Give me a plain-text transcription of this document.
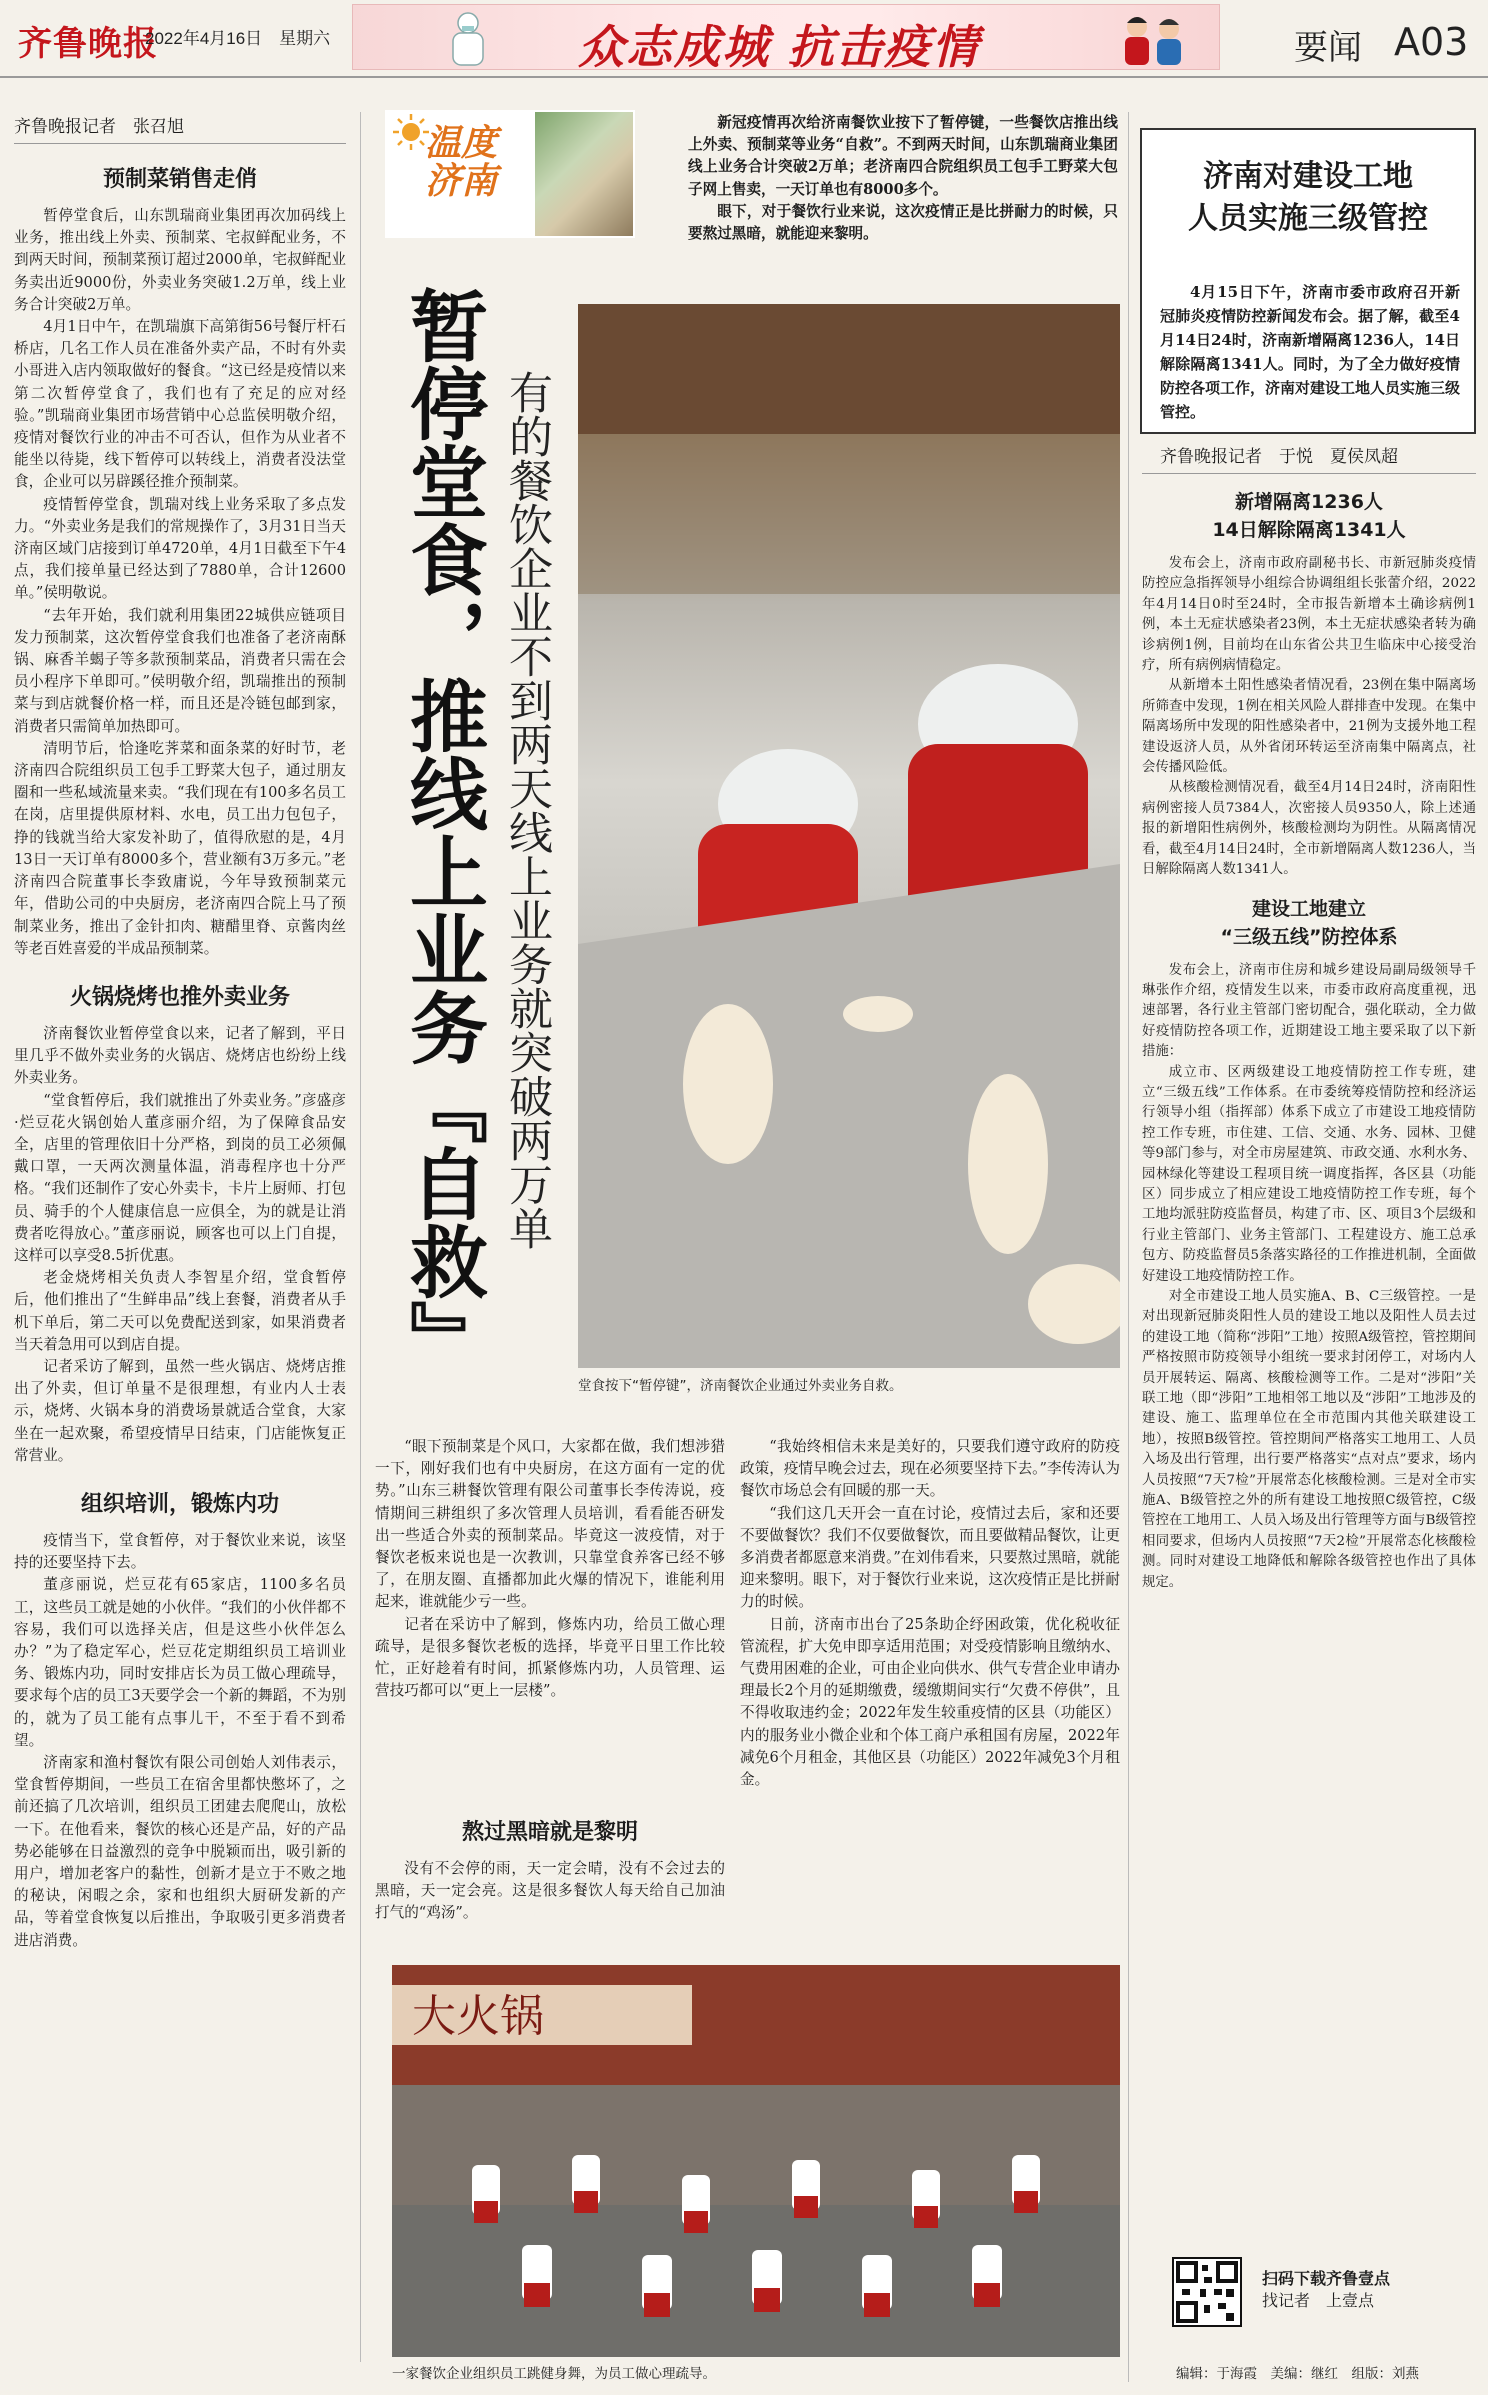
齐鲁晚报
2022年4月16日　星期六	众志成城 抗击疫情	要闻 A03
齐鲁晚报记者　张召旭
预制菜销售走俏

暂停堂食后，山东凯瑞商业集团再次加码线上业务，推出线上外卖、预制菜、宅叔鲜配业务，不到两天时间，预制菜预订超过2000单，宅叔鲜配业务卖出近9000份，外卖业务突破1.2万单，线上业务合计突破2万单。

4月1日中午，在凯瑞旗下高第街56号餐厅杆石桥店，几名工作人员在准备外卖产品，不时有外卖小哥进入店内领取做好的餐食。“这已经是疫情以来第二次暂停堂食了，我们也有了充足的应对经验。”凯瑞商业集团市场营销中心总监侯明敬介绍，疫情对餐饮行业的冲击不可否认，但作为从业者不能坐以待毙，线下暂停可以转线上，消费者没法堂食，企业可以另辟蹊径推介预制菜。

疫情暂停堂食，凯瑞对线上业务采取了多点发力。“外卖业务是我们的常规操作了，3月31日当天济南区域门店接到订单4720单，4月1日截至下午4点，我们接单量已经达到了7880单，合计12600单。”侯明敬说。

“去年开始，我们就利用集团22城供应链项目发力预制菜，这次暂停堂食我们也准备了老济南酥锅、麻香羊蝎子等多款预制菜品，消费者只需在会员小程序下单即可。”侯明敬介绍，凯瑞推出的预制菜与到店就餐价格一样，而且还是冷链包邮到家，消费者只需简单加热即可。

清明节后，恰逢吃荠菜和面条菜的好时节，老济南四合院组织员工包手工野菜大包子，通过朋友圈和一些私域流量来卖。“我们现在有100多名员工在岗，店里提供原材料、水电，员工出力包包子，挣的钱就当给大家发补助了，值得欣慰的是，4月13日一天订单有8000多个，营业额有3万多元。”老济南四合院董事长李致庸说，今年导致预制菜元年，借助公司的中央厨房，老济南四合院上马了预制菜业务，推出了金针扣肉、糖醋里脊、京酱肉丝等老百姓喜爱的半成品预制菜。

火锅烧烤也推外卖业务

济南餐饮业暂停堂食以来，记者了解到，平日里几乎不做外卖业务的火锅店、烧烤店也纷纷上线外卖业务。

“堂食暂停后，我们就推出了外卖业务。”彦盛彦·烂豆花火锅创始人董彦丽介绍，为了保障食品安全，店里的管理依旧十分严格，到岗的员工必须佩戴口罩，一天两次测量体温，消毒程序也十分严格。“我们还制作了安心外卖卡，卡片上厨师、打包员、骑手的个人健康信息一应俱全，为的就是让消费者吃得放心。”董彦丽说，顾客也可以上门自提，这样可以享受8.5折优惠。

老金烧烤相关负责人李智星介绍，堂食暂停后，他们推出了“生鲜串品”线上套餐，消费者从手机下单后，第二天可以免费配送到家，如果消费者当天着急用可以到店自提。

记者采访了解到，虽然一些火锅店、烧烤店推出了外卖，但订单量不是很理想，有业内人士表示，烧烤、火锅本身的消费场景就适合堂食，大家坐在一起欢聚，希望疫情早日结束，门店能恢复正常营业。

组织培训，锻炼内功

疫情当下，堂食暂停，对于餐饮业来说，该坚持的还要坚持下去。

董彦丽说，烂豆花有65家店，1100多名员工，这些员工就是她的小伙伴。“我们的小伙伴都不容易，我们可以选择关店，但是这些小伙伴怎么办？”为了稳定军心，烂豆花定期组织员工培训业务、锻炼内功，同时安排店长为员工做心理疏导，要求每个店的员工3天要学会一个新的舞蹈，不为别的，就为了员工能有点事儿干，不至于看不到希望。

济南家和渔村餐饮有限公司创始人刘伟表示，堂食暂停期间，一些员工在宿舍里都快憋坏了，之前还搞了几次培训，组织员工团建去爬爬山，放松一下。在他看来，餐饮的核心还是产品，好的产品势必能够在日益激烈的竞争中脱颖而出，吸引新的用户，增加老客户的黏性，创新才是立于不败之地的秘诀，闲暇之余，家和也组织大厨研发新的产品，等着堂食恢复以后推出，争取吸引更多消费者进店消费。

温度济南

新冠疫情再次给济南餐饮业按下了暂停键，一些餐饮店推出线上外卖、预制菜等业务“自救”。不到两天时间，山东凯瑞商业集团线上业务合计突破2万单；老济南四合院组织员工包手工野菜大包子网上售卖，一天订单也有8000多个。

眼下，对于餐饮行业来说，这次疫情正是比拼耐力的时候，只要熬过黑暗，就能迎来黎明。

暂停堂食，推线上业务『自救』 有的餐饮企业不到两天线上业务就突破两万单
堂食按下“暂停键”，济南餐饮企业通过外卖业务自救。

“眼下预制菜是个风口，大家都在做，我们想涉猎一下，刚好我们也有中央厨房，在这方面有一定的优势。”山东三耕餐饮管理有限公司董事长李传涛说，疫情期间三耕组织了多次管理人员培训，看看能否研发出一些适合外卖的预制菜品。毕竟这一波疫情，对于餐饮老板来说也是一次教训，只靠堂食养客已经不够了，在朋友圈、直播都加此火爆的情况下，谁能利用起来，谁就能少亏一些。

记者在采访中了解到，修炼内功，给员工做心理疏导，是很多餐饮老板的选择，毕竟平日里工作比较忙，正好趁着有时间，抓紧修炼内功，人员管理、运营技巧都可以“更上一层楼”。

熬过黑暗就是黎明

没有不会停的雨，天一定会晴，没有不会过去的黑暗，天一定会亮。这是很多餐饮人每天给自己加油打气的“鸡汤”。

“我始终相信未来是美好的，只要我们遵守政府的防疫政策，疫情早晚会过去，现在必须要坚持下去。”李传涛认为餐饮市场总会有回暖的那一天。

“我们这几天开会一直在讨论，疫情过去后，家和还要不要做餐饮？我们不仅要做餐饮，而且要做精品餐饮，让更多消费者都愿意来消费。”在刘伟看来，只要熬过黑暗，就能迎来黎明。眼下，对于餐饮行业来说，这次疫情正是比拼耐力的时候。

日前，济南市出台了25条助企纾困政策，优化税收征管流程，扩大免申即享适用范围；对受疫情影响且缴纳水、气费用困难的企业，可由企业向供水、供气专营企业申请办理最长2个月的延期缴费，缓缴期间实行“欠费不停供”，且不得收取违约金；2022年发生较重疫情的区县（功能区）内的服务业小微企业和个体工商户承租国有房屋，2022年减免6个月租金，其他区县（功能区）2022年减免3个月租金。

大火锅
一家餐饮企业组织员工跳健身舞，为员工做心理疏导。
济南对建设工地
人员实施三级管控

4月15日下午，济南市委市政府召开新冠肺炎疫情防控新闻发布会。据了解，截至4月14日24时，济南新增隔离1236人，14日解除隔离1341人。同时，为了全力做好疫情防控各项工作，济南对建设工地人员实施三级管控。

齐鲁晚报记者　于悦　夏侯凤超
新增隔离1236人
14日解除隔离1341人

发布会上，济南市政府副秘书长、市新冠肺炎疫情防控应急指挥领导小组综合协调组组长张蕾介绍，2022年4月14日0时至24时，全市报告新增本土确诊病例1例，本土无症状感染者23例，本土无症状感染者转为确诊病例1例，目前均在山东省公共卫生临床中心接受治疗，所有病例病情稳定。

从新增本土阳性感染者情况看，23例在集中隔离场所筛查中发现，1例在相关风险人群排查中发现。在集中隔离场所中发现的阳性感染者中，21例为支援外地工程建设返济人员，从外省闭环转运至济南集中隔离点，社会传播风险低。

从核酸检测情况看，截至4月14日24时，济南阳性病例密接人员7384人，次密接人员9350人，除上述通报的新增阳性病例外，核酸检测均为阴性。从隔离情况看，截至4月14日24时，全市新增隔离人数1236人，当日解除隔离人数1341人。

建设工地建立
“三级五线”防控体系

发布会上，济南市住房和城乡建设局副局级领导千琳张作介绍，疫情发生以来，市委市政府高度重视，迅速部署，各行业主管部门密切配合，强化联动，全力做好疫情防控各项工作，近期建设工地主要采取了以下新措施：

成立市、区两级建设工地疫情防控工作专班，建立“三级五线”工作体系。在市委统筹疫情防控和经济运行领导小组（指挥部）体系下成立了市建设工地疫情防控工作专班，市住建、工信、交通、水务、园林、卫健等9部门参与，对全市房屋建筑、市政交通、水利水务、园林绿化等建设工程项目统一调度指挥，各区县（功能区）同步成立了相应建设工地疫情防控工作专班，每个工地均派驻防疫监督员，构建了市、区、项目3个层级和行业主管部门、业务主管部门、工程建设方、施工总承包方、防疫监督员5条落实路径的工作推进机制，全面做好建设工地疫情防控工作。

对全市建设工地人员实施A、B、C三级管控。一是对出现新冠肺炎阳性人员的建设工地以及阳性人员去过的建设工地（简称“涉阳”工地）按照A级管控，管控期间严格按照市防疫领导小组统一要求封闭停工，对场内人员开展转运、隔离、核酸检测等工作。二是对“涉阳”关联工地（即“涉阳”工地相邻工地以及“涉阳”工地涉及的建设、施工、监理单位在全市范围内其他关联建设工地），按照B级管控。管控期间严格落实工地用工、人员入场及出行管理，出行要严格落实“点对点”要求，场内人员按照“7天7检”开展常态化核酸检测。三是对全市实施A、B级管控之外的所有建设工地按照C级管控，C级管控在工地用工、人员入场及出行管理等方面与B级管控相同要求，但场内人员按照“7天2检”开展常态化核酸检测。同时对建设工地降低和解除各级管控也作出了具体规定。

扫码下载齐鲁壹点
找记者　上壹点
编辑：于海霞　美编：继红　组版：刘燕
